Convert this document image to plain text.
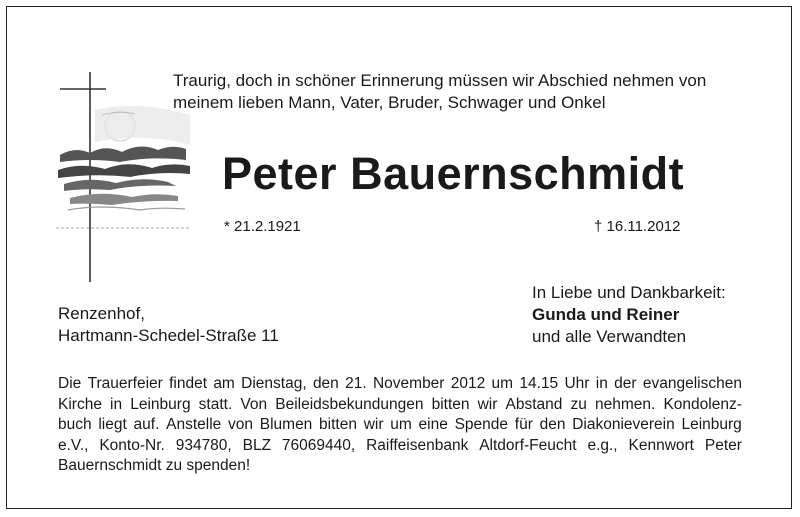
Traurig, doch in schöner Erinnerung müssen wir Abschied nehmen von
meinem lieben Mann, Vater, Bruder, Schwager und Onkel
Peter Bauernschmidt
* 21.2.1921	† 16.11.2012
Renzenhof,
Hartmann-Schedel-Straße 11
In Liebe und Dankbarkeit:
Gunda und Reiner
und alle Verwandten
Die Trauerfeier findet am Dienstag, den 21. November 2012 um 14.15 Uhr in der evangelischen
Kirche in Leinburg statt. Von Beileidsbekundungen bitten wir Abstand zu nehmen. Kondolenz-
buch liegt auf. Anstelle von Blumen bitten wir um eine Spende für den Diakonieverein Leinburg
e.V., Konto-Nr. 934780, BLZ 76069440, Raiffeisenbank Altdorf-Feucht e.g., Kennwort Peter
Bauernschmidt zu spenden!
